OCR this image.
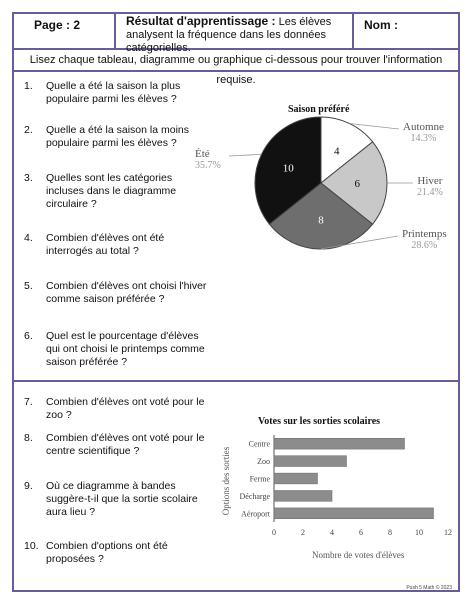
Page : 2	Résultat d'apprentissage : Les élèves analysent la fréquence dans les données catégorielles.
Nom :
Lisez chaque tableau, diagramme ou graphique ci-dessous pour trouver l'information requise.
1.	Quelle a été la saison la plus populaire parmi les élèves ?
2.	Quelle a été la saison la moins populaire parmi les élèves ?
3.	Quelles sont les catégories incluses dans le diagramme circulaire ?
4.	Combien d'élèves ont été interrogés au total ?
5.	Combien d'élèves ont choisi l'hiver comme saison préférée ?
6.	Quel est le pourcentage d'élèves qui ont choisi le printemps comme saison préférée ?
7.	Combien d'élèves ont voté pour le zoo ?
8.	Combien d'élèves ont voté pour le centre scientifique ?
9.	Où ce diagramme à bandes suggère-t-il que la sortie scolaire aura lieu ?
10. Combien d'options ont été proposées ?
Saison préféré
4
6
8
10
Automne
14.3%
Hiver
21.4%
Printemps
28.6%
Été
35.7%
Votes sur les sorties scolaires
Centre
Zoo
Ferme
Décharge
Aéroport
0	2	4	6	8	10	12
Options des sorties
Nombre de votes d'élèves
Push 5 Math © 2023
